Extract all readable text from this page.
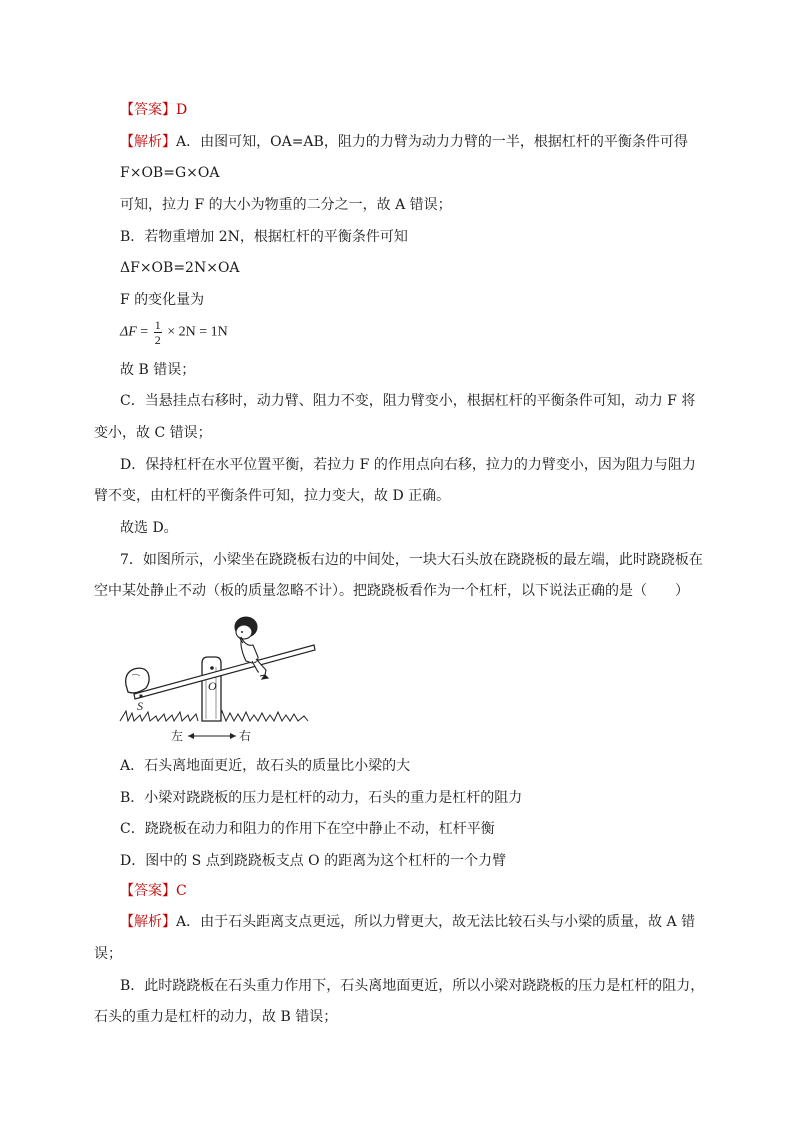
【答案】D
【解析】A．由图可知，OA=AB，阻力的力臂为动力力臂的一半，根据杠杆的平衡条件可得
F×OB=G×OA
可知，拉力 F 的大小为物重的二分之一，故 A 错误；
B．若物重增加 2N，根据杠杆的平衡条件可知
ΔF×OB=2N×OA
F 的变化量为
$\Delta F = \frac{1}{2} \times 2N = 1N$
故 B 错误；
C．当悬挂点右移时，动力臂、阻力不变，阻力臂变小，根据杠杆的平衡条件可知，动力 F 将
变小，故 C 错误；
D．保持杠杆在水平位置平衡，若拉力 F 的作用点向右移，拉力的力臂变小，因为阻力与阻力
臂不变，由杠杆的平衡条件可知，拉力变大，故 D 正确。
故选 D。
7．如图所示，小梁坐在跷跷板右边的中间处，一块大石头放在跷跷板的最左端，此时跷跷板在
空中某处静止不动（板的质量忽略不计）。把跷跷板看作为一个杠杆，以下说法正确的是（　　）
O
S
左	右
A．石头离地面更近，故石头的质量比小梁的大
B．小梁对跷跷板的压力是杠杆的动力，石头的重力是杠杆的阻力
C．跷跷板在动力和阻力的作用下在空中静止不动，杠杆平衡
D．图中的 S 点到跷跷板支点 O 的距离为这个杠杆的一个力臂
【答案】C
【解析】A．由于石头距离支点更远，所以力臂更大，故无法比较石头与小梁的质量，故 A 错
误；
B．此时跷跷板在石头重力作用下，石头离地面更近，所以小梁对跷跷板的压力是杠杆的阻力，
石头的重力是杠杆的动力，故 B 错误；
